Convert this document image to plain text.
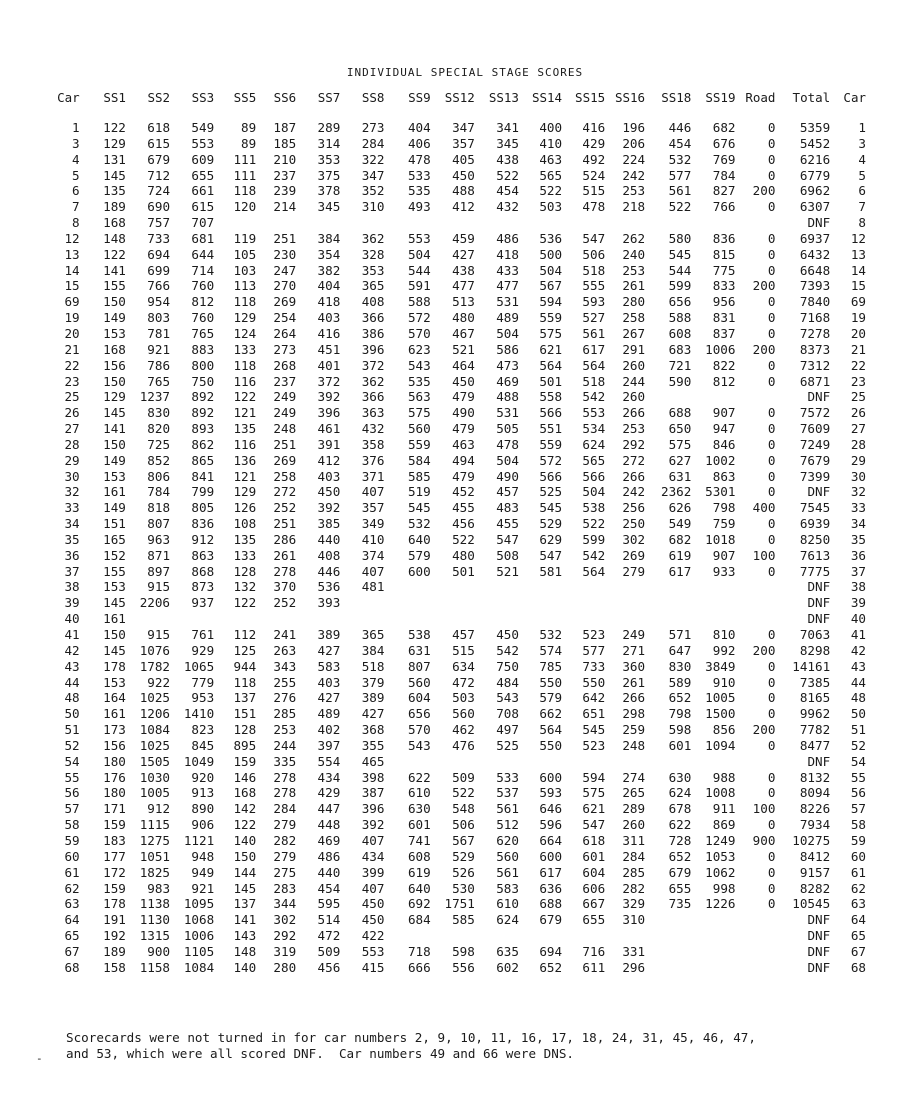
INDIVIDUAL SPECIAL STAGE SCORES
Car	SS1	SS2	SS3	SS5	SS6	SS7	SS8	SS9	SS12	SS13	SS14	SS15	SS16	SS18	SS19	Road	Total	Car
1	122	618	549	89	187	289	273	404	347	341	400	416	196	446	682	0	5359	1
3	129	615	553	89	185	314	284	406	357	345	410	429	206	454	676	0	5452	3
4	131	679	609	111	210	353	322	478	405	438	463	492	224	532	769	0	6216	4
5	145	712	655	111	237	375	347	533	450	522	565	524	242	577	784	0	6779	5
6	135	724	661	118	239	378	352	535	488	454	522	515	253	561	827	200	6962	6
7	189	690	615	120	214	345	310	493	412	432	503	478	218	522	766	0	6307	7
8	168	757	707														DNF	8
12	148	733	681	119	251	384	362	553	459	486	536	547	262	580	836	0	6937	12
13	122	694	644	105	230	354	328	504	427	418	500	506	240	545	815	0	6432	13
14	141	699	714	103	247	382	353	544	438	433	504	518	253	544	775	0	6648	14
15	155	766	760	113	270	404	365	591	477	477	567	555	261	599	833	200	7393	15
69	150	954	812	118	269	418	408	588	513	531	594	593	280	656	956	0	7840	69
19	149	803	760	129	254	403	366	572	480	489	559	527	258	588	831	0	7168	19
20	153	781	765	124	264	416	386	570	467	504	575	561	267	608	837	0	7278	20
21	168	921	883	133	273	451	396	623	521	586	621	617	291	683	1006	200	8373	21
22	156	786	800	118	268	401	372	543	464	473	564	564	260	721	822	0	7312	22
23	150	765	750	116	237	372	362	535	450	469	501	518	244	590	812	0	6871	23
25	129	1237	892	122	249	392	366	563	479	488	558	542	260				DNF	25
26	145	830	892	121	249	396	363	575	490	531	566	553	266	688	907	0	7572	26
27	141	820	893	135	248	461	432	560	479	505	551	534	253	650	947	0	7609	27
28	150	725	862	116	251	391	358	559	463	478	559	624	292	575	846	0	7249	28
29	149	852	865	136	269	412	376	584	494	504	572	565	272	627	1002	0	7679	29
30	153	806	841	121	258	403	371	585	479	490	566	566	266	631	863	0	7399	30
32	161	784	799	129	272	450	407	519	452	457	525	504	242	2362	5301	0	DNF	32
33	149	818	805	126	252	392	357	545	455	483	545	538	256	626	798	400	7545	33
34	151	807	836	108	251	385	349	532	456	455	529	522	250	549	759	0	6939	34
35	165	963	912	135	286	440	410	640	522	547	629	599	302	682	1018	0	8250	35
36	152	871	863	133	261	408	374	579	480	508	547	542	269	619	907	100	7613	36
37	155	897	868	128	278	446	407	600	501	521	581	564	279	617	933	0	7775	37
38	153	915	873	132	370	536	481										DNF	38
39	145	2206	937	122	252	393											DNF	39
40	161																DNF	40
41	150	915	761	112	241	389	365	538	457	450	532	523	249	571	810	0	7063	41
42	145	1076	929	125	263	427	384	631	515	542	574	577	271	647	992	200	8298	42
43	178	1782	1065	944	343	583	518	807	634	750	785	733	360	830	3849	0	14161	43
44	153	922	779	118	255	403	379	560	472	484	550	550	261	589	910	0	7385	44
48	164	1025	953	137	276	427	389	604	503	543	579	642	266	652	1005	0	8165	48
50	161	1206	1410	151	285	489	427	656	560	708	662	651	298	798	1500	0	9962	50
51	173	1084	823	128	253	402	368	570	462	497	564	545	259	598	856	200	7782	51
52	156	1025	845	895	244	397	355	543	476	525	550	523	248	601	1094	0	8477	52
54	180	1505	1049	159	335	554	465										DNF	54
55	176	1030	920	146	278	434	398	622	509	533	600	594	274	630	988	0	8132	55
56	180	1005	913	168	278	429	387	610	522	537	593	575	265	624	1008	0	8094	56
57	171	912	890	142	284	447	396	630	548	561	646	621	289	678	911	100	8226	57
58	159	1115	906	122	279	448	392	601	506	512	596	547	260	622	869	0	7934	58
59	183	1275	1121	140	282	469	407	741	567	620	664	618	311	728	1249	900	10275	59
60	177	1051	948	150	279	486	434	608	529	560	600	601	284	652	1053	0	8412	60
61	172	1825	949	144	275	440	399	619	526	561	617	604	285	679	1062	0	9157	61
62	159	983	921	145	283	454	407	640	530	583	636	606	282	655	998	0	8282	62
63	178	1138	1095	137	344	595	450	692	1751	610	688	667	329	735	1226	0	10545	63
64	191	1130	1068	141	302	514	450	684	585	624	679	655	310				DNF	64
65	192	1315	1006	143	292	472	422										DNF	65
67	189	900	1105	148	319	509	553	718	598	635	694	716	331				DNF	67
68	158	1158	1084	140	280	456	415	666	556	602	652	611	296				DNF	68
Scorecards were not turned in for car numbers 2, 9, 10, 11, 16, 17, 18, 24, 31, 45, 46, 47,
and 53, which were all scored DNF.  Car numbers 49 and 66 were DNS.
‐
